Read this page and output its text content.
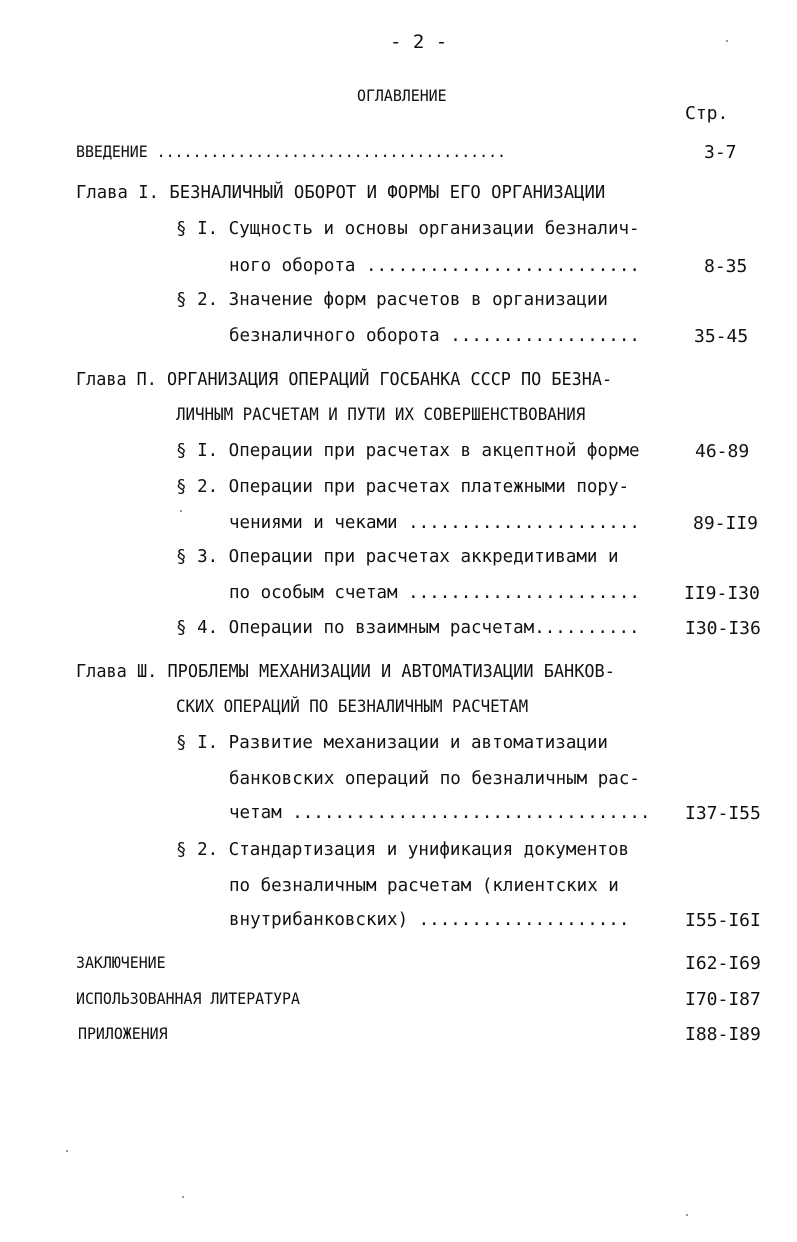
- 2 -
ОГЛАВЛЕНИЕ
Стр.
ВВЕДЕНИЕ .......................................	3-7
Глава I. БЕЗНАЛИЧНЫЙ ОБОРОТ И ФОРМЫ ЕГО ОРГАНИЗАЦИИ
§ I. Сущность и основы организации безналич-
ного оборота ..........................	8-35
§ 2. Значение форм расчетов в организации
безналичного оборота ..................	35-45
Глава П. ОРГАНИЗАЦИЯ ОПЕРАЦИЙ ГОСБАНКА СССР ПО БЕЗНА-
ЛИЧНЫМ РАСЧЕТАМ И ПУТИ ИХ СОВЕРШЕНСТВОВАНИЯ
§ I. Операции при расчетах в акцептной форме	46-89
§ 2. Операции при расчетах платежными пору-
чениями и чеками ......................	89-II9
§ 3. Операции при расчетах аккредитивами и
по особым счетам ...................... II9-I30
§ 4. Операции по взаимным расчетам..........	I30-I36
Глава Ш. ПРОБЛЕМЫ МЕХАНИЗАЦИИ И АВТОМАТИЗАЦИИ БАНКОВ-
СКИХ ОПЕРАЦИЙ ПО БЕЗНАЛИЧНЫМ РАСЧЕТАМ
§ I. Развитие механизации и автоматизации
банковских операций по безналичным рас-
четам .................................. I37-I55
§ 2. Стандартизация и унификация документов
по безналичным расчетам (клиентских и
внутрибанковских) ....................	I55-I6I
ЗАКЛЮЧЕНИЕ	I62-I69
ИСПОЛЬЗОВАННАЯ ЛИТЕРАТУРА	I70-I87
ПРИЛОЖЕНИЯ	I88-I89
